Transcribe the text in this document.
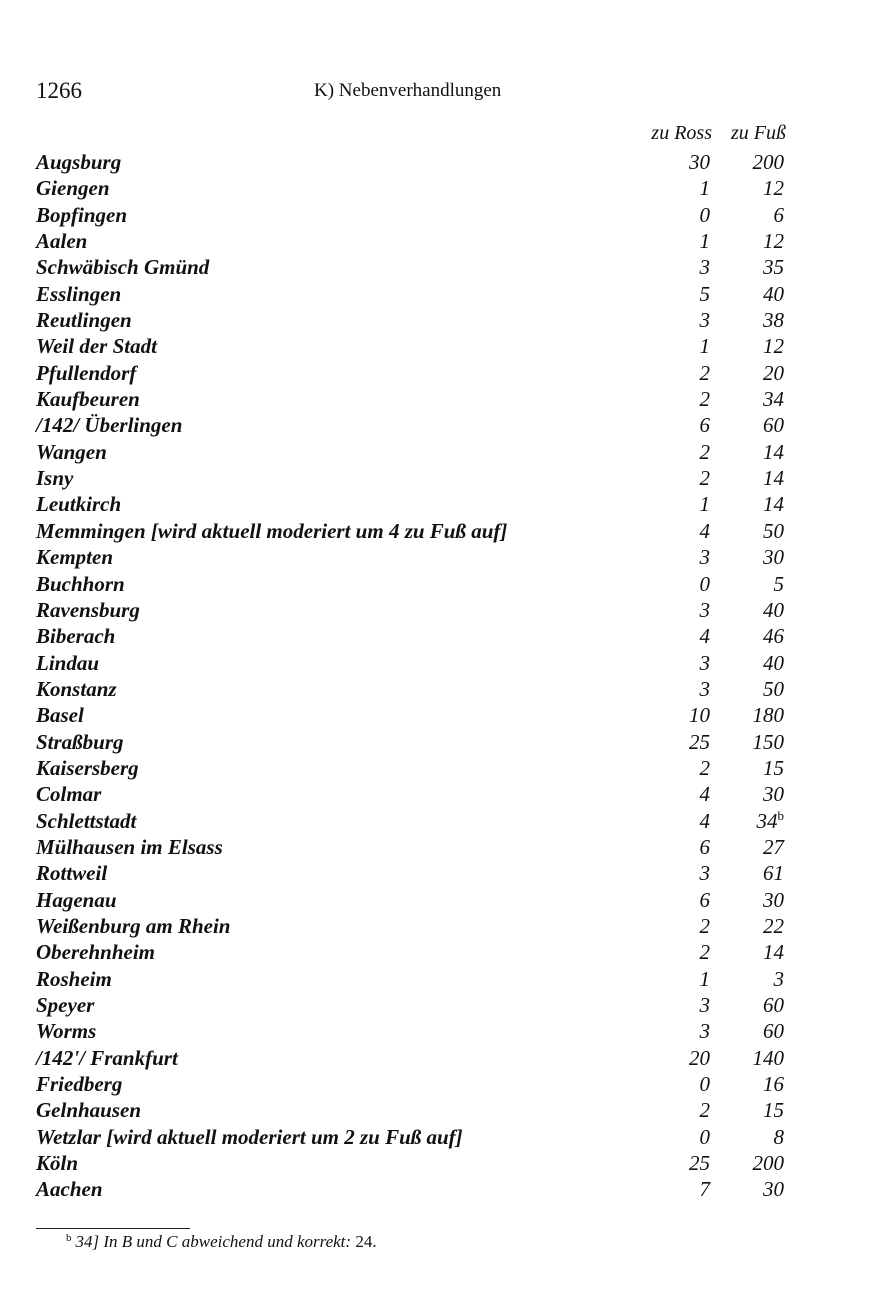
1266	K) Nebenverhandlungen
zu Ross zu Fuß
Augsburg	30 200
Giengen	1	12
Bopfingen	0	6
Aalen	1	12
Schwäbisch Gmünd	3	35
Esslingen	5	40
Reutlingen	3	38
Weil der Stadt	1	12
Pfullendorf	2	20
Kaufbeuren	2	34
/142/ Überlingen	6	60
Wangen	2	14
Isny	2	14
Leutkirch	1	14
Memmingen [wird aktuell moderiert um 4 zu Fuß auf]	4	50
Kempten	3	30
Buchhorn	0	5
Ravensburg	3	40
Biberach	4	46
Lindau	3	40
Konstanz	3	50
Basel	10 180
Straßburg	25 150
Kaisersberg	2	15
Colmar	4	30
Schlettstadt	4 34$^b$
Mülhausen im Elsass	6	27
Rottweil	3	61
Hagenau	6	30
Weißenburg am Rhein	2	22
Oberehnheim	2	14
Rosheim	1	3
Speyer	3	60
Worms	3	60
/142'/ Frankfurt	20 140
Friedberg	0	16
Gelnhausen	2	15
Wetzlar [wird aktuell moderiert um 2 zu Fuß auf]	0	8
Köln	25 200
Aachen	7	30
$^b$ 34] In B und C abweichend und korrekt: 24.
